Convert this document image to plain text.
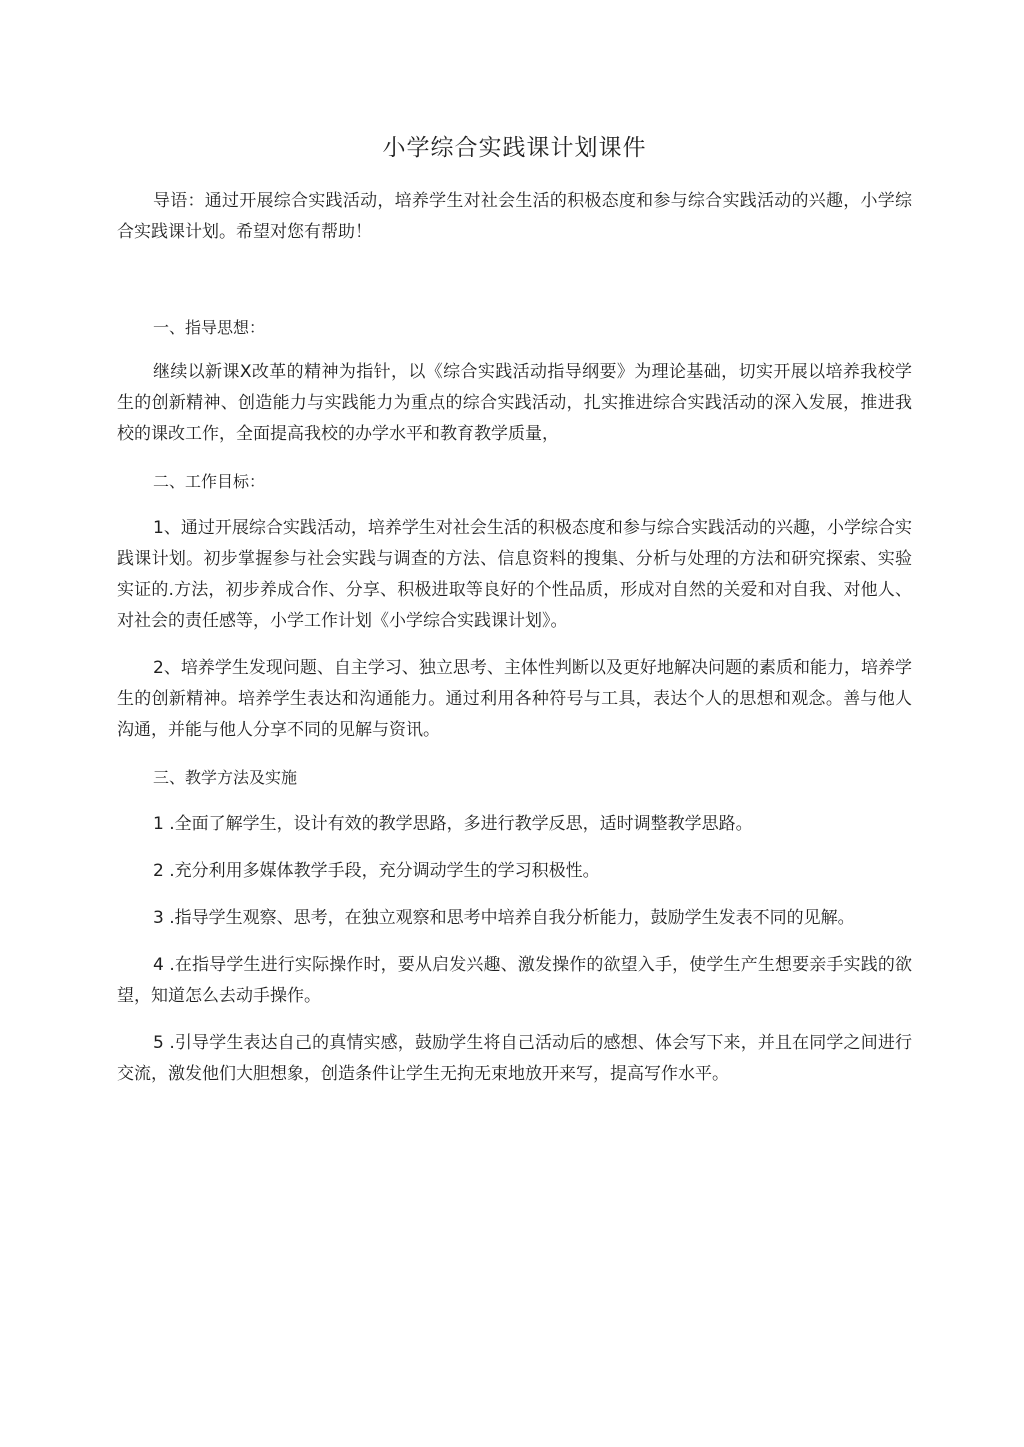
小学综合实践课计划课件

导语：通过开展综合实践活动，培养学生对社会生活的积极态度和参与综合实践活动的兴趣，小学综合实践课计划。希望对您有帮助！

一、指导思想：

继续以新课X改革的精神为指针，以《综合实践活动指导纲要》为理论基础，切实开展以培养我校学生的创新精神、创造能力与实践能力为重点的综合实践活动，扎实推进综合实践活动的深入发展，推进我校的课改工作，全面提高我校的办学水平和教育教学质量，

二、工作目标：

1、通过开展综合实践活动，培养学生对社会生活的积极态度和参与综合实践活动的兴趣，小学综合实践课计划。初步掌握参与社会实践与调查的方法、信息资料的搜集、分析与处理的方法和研究探索、实验实证的.方法，初步养成合作、分享、积极进取等良好的个性品质，形成对自然的关爱和对自我、对他人、对社会的责任感等，小学工作计划《小学综合实践课计划》。

2、培养学生发现问题、自主学习、独立思考、主体性判断以及更好地解决问题的素质和能力，培养学生的创新精神。培养学生表达和沟通能力。通过利用各种符号与工具，表达个人的思想和观念。善与他人沟通，并能与他人分享不同的见解与资讯。

三、教学方法及实施

1 .全面了解学生，设计有效的教学思路，多进行教学反思，适时调整教学思路。

2 .充分利用多媒体教学手段，充分调动学生的学习积极性。

3 .指导学生观察、思考，在独立观察和思考中培养自我分析能力，鼓励学生发表不同的见解。

4 .在指导学生进行实际操作时，要从启发兴趣、激发操作的欲望入手，使学生产生想要亲手实践的欲望，知道怎么去动手操作。

5 .引导学生表达自己的真情实感，鼓励学生将自己活动后的感想、体会写下来，并且在同学之间进行交流，激发他们大胆想象，创造条件让学生无拘无束地放开来写，提高写作水平。
